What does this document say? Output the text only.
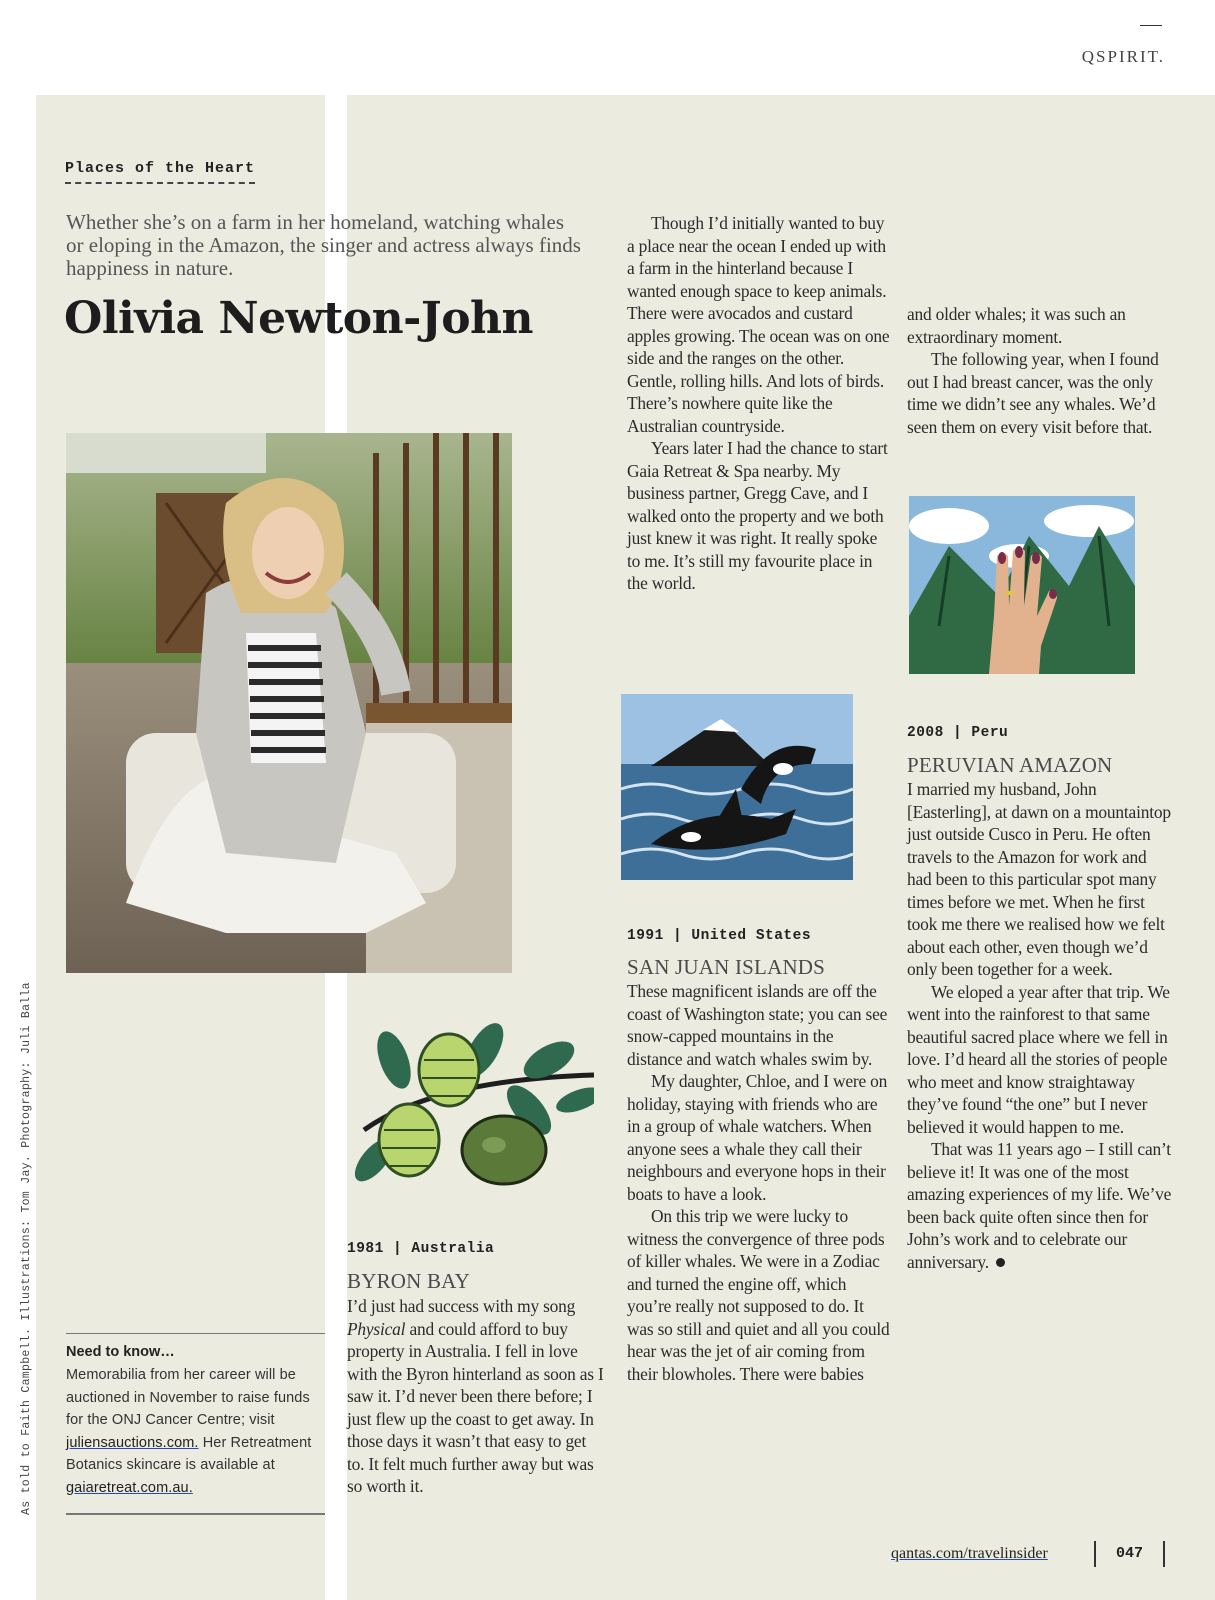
QSPIRIT.
Places of the Heart
Whether she’s on a farm in her homeland, watching whales or eloping in the Amazon, the singer and actress always finds happiness in nature.
Olivia Newton-John
1981 | Australia
BYRON BAY

I’d just had success with my song Physical and could afford to buy property in Australia. I fell in love with the Byron hinterland as soon as I saw it. I’d never been there before; I just flew up the coast to get away. In those days it wasn’t that easy to get to. It felt much further away but was so worth it.

Though I’d initially wanted to buy a place near the ocean I ended up with a farm in the hinterland because I wanted enough space to keep animals. There were avocados and custard apples growing. The ocean was on one side and the ranges on the other. Gentle, rolling hills. And lots of birds. There’s nowhere quite like the Australian countryside.

Years later I had the chance to start Gaia Retreat & Spa nearby. My business partner, Gregg Cave, and I walked onto the property and we both just knew it was right. It really spoke to me. It’s still my favourite place in the world.

1991 | United States
SAN JUAN ISLANDS

These magnificent islands are off the coast of Washington state; you can see snow-capped mountains in the distance and watch whales swim by.

My daughter, Chloe, and I were on holiday, staying with friends who are in a group of whale watchers. When anyone sees a whale they call their neighbours and everyone hops in their boats to have a look.

On this trip we were lucky to witness the convergence of three pods of killer whales. We were in a Zodiac and turned the engine off, which you’re really not supposed to do. It was so still and quiet and all you could hear was the jet of air coming from their blowholes. There were babies

and older whales; it was such an extraordinary moment.

The following year, when I found out I had breast cancer, was the only time we didn’t see any whales. We’d seen them on every visit before that.

2008 | Peru
PERUVIAN AMAZON

I married my husband, John [Easterling], at dawn on a mountaintop just outside Cusco in Peru. He often travels to the Amazon for work and had been to this particular spot many times before we met. When he first took me there we realised how we felt about each other, even though we’d only been together for a week.

We eloped a year after that trip. We went into the rainforest to that same beautiful sacred place where we fell in love. I’d heard all the stories of people who meet and know straightaway they’ve found “the one” but I never believed it would happen to me.

That was 11 years ago – I still can’t believe it! It was one of the most amazing experiences of my life. We’ve been back quite often since then for John’s work and to celebrate our anniversary.

Need to know…
Memorabilia from her career will be auctioned in November to raise funds for the ONJ Cancer Centre; visit juliensauctions.com. Her Retreatment Botanics skincare is available at gaiaretreat.com.au.
As told to Faith Campbell. Illustrations: Tom Jay. Photography: Juli Balla
qantas.com/travelinsider	047
